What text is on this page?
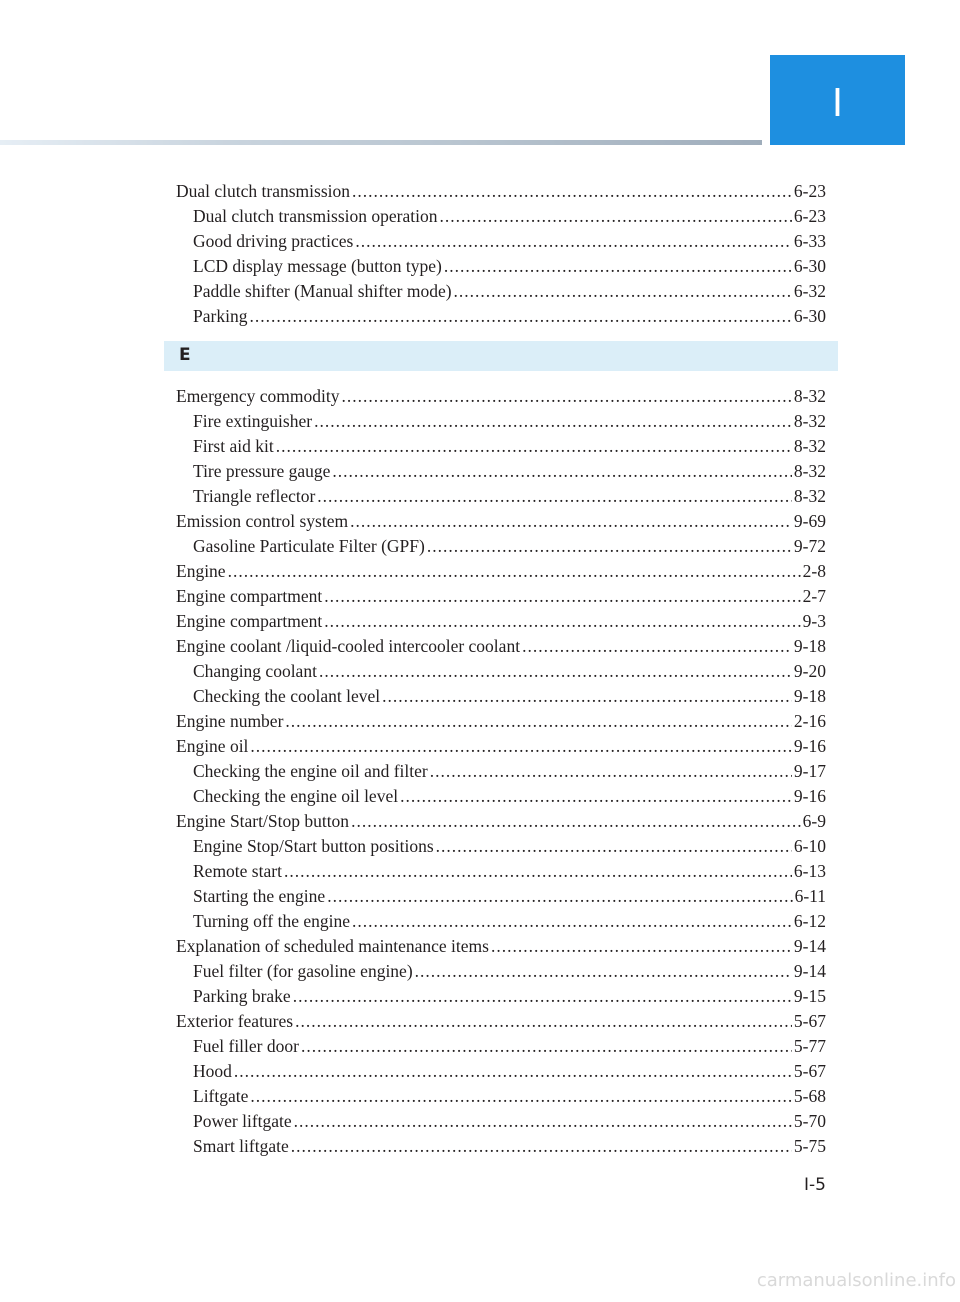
I
Dual clutch transmission .....	6-23
Dual clutch transmission operation .....	6-23
Good driving practices .....	6-33
LCD display message (button type) .....	6-30
Paddle shifter (Manual shifter mode) .....	6-32
Parking .....	6-30
E
Emergency commodity .....	8-32
Fire extinguisher .....	8-32
First aid kit .....	8-32
Tire pressure gauge .....	8-32
Triangle reflector .....	8-32
Emission control system .....	9-69
Gasoline Particulate Filter (GPF) .....	9-72
Engine .....	2-8
Engine compartment .....	2-7
Engine compartment .....	9-3
Engine coolant /liquid-cooled intercooler coolant .....	9-18
Changing coolant .....	9-20
Checking the coolant level .....	9-18
Engine number .....	2-16
Engine oil .....	9-16
Checking the engine oil and filter .....	9-17
Checking the engine oil level .....	9-16
Engine Start/Stop button .....	6-9
Engine Stop/Start button positions .....	6-10
Remote start .....	6-13
Starting the engine .....	6-11
Turning off the engine .....	6-12
Explanation of scheduled maintenance items .....	9-14
Fuel filter (for gasoline engine) .....	9-14
Parking brake .....	9-15
Exterior features .....	5-67
Fuel filler door .....	5-77
Hood .....	5-67
Liftgate .....	5-68
Power liftgate .....	5-70
Smart liftgate .....	5-75
I-5
carmanualsonline.info
